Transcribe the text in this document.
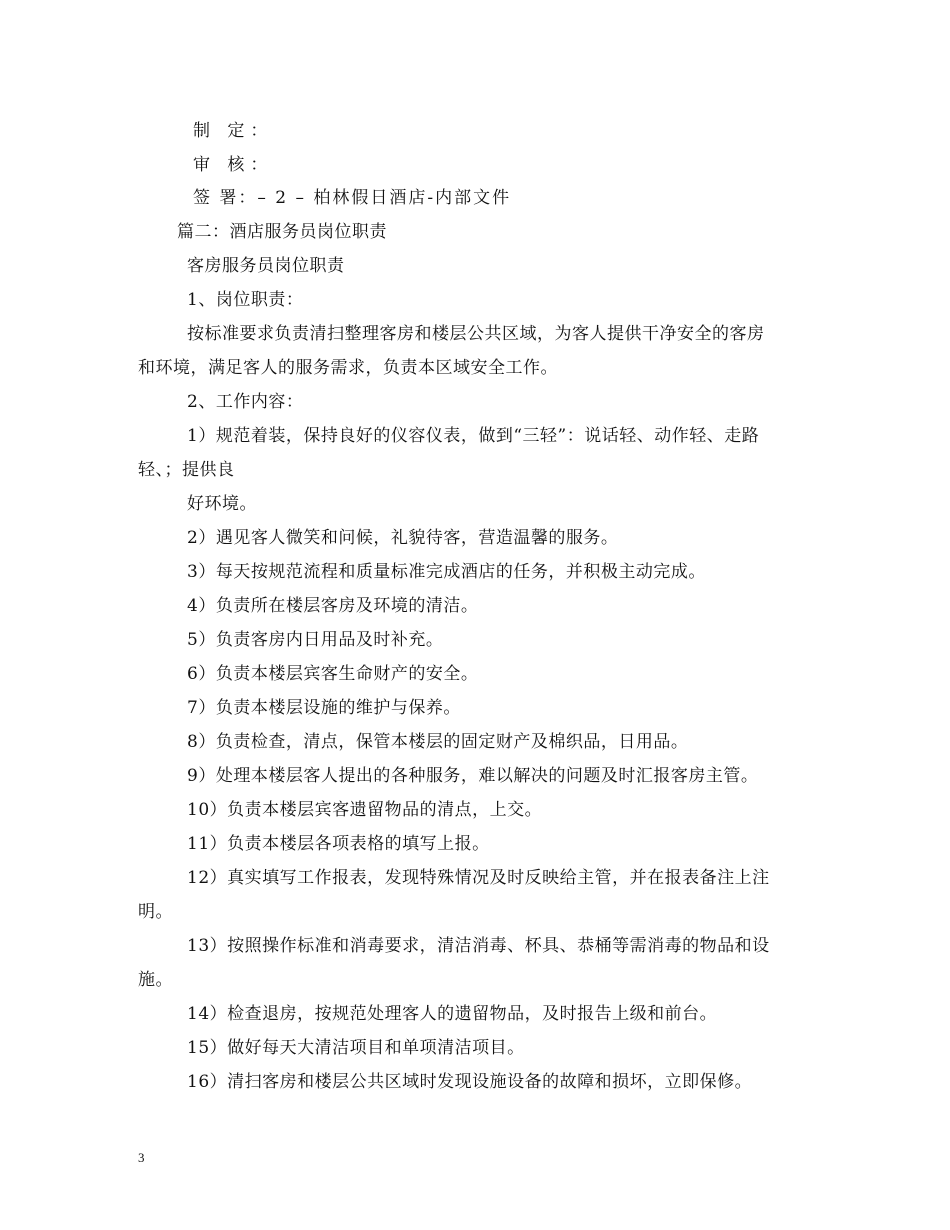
制 定：
审 核：
签 署：– 2 – 柏林假日酒店-内部文件
篇二：酒店服务员岗位职责
客房服务员岗位职责
1、岗位职责：
按标准要求负责清扫整理客房和楼层公共区域，为客人提供干净安全的客房
和环境，满足客人的服务需求，负责本区域安全工作。
2、工作内容：
1）规范着装，保持良好的仪容仪表，做到“三轻”：说话轻、动作轻、走路
轻、；提供良
好环境。
2）遇见客人微笑和问候，礼貌待客，营造温馨的服务。
3）每天按规范流程和质量标准完成酒店的任务，并积极主动完成。
4）负责所在楼层客房及环境的清洁。
5）负责客房内日用品及时补充。
6）负责本楼层宾客生命财产的安全。
7）负责本楼层设施的维护与保养。
8）负责检查，清点，保管本楼层的固定财产及棉织品，日用品。
9）处理本楼层客人提出的各种服务，难以解决的问题及时汇报客房主管。
10）负责本楼层宾客遗留物品的清点，上交。
11）负责本楼层各项表格的填写上报。
12）真实填写工作报表，发现特殊情况及时反映给主管，并在报表备注上注
明。
13）按照操作标准和消毒要求，清洁消毒、杯具、恭桶等需消毒的物品和设
施。
14）检查退房，按规范处理客人的遗留物品，及时报告上级和前台。
15）做好每天大清洁项目和单项清洁项目。
16）清扫客房和楼层公共区域时发现设施设备的故障和损坏，立即保修。
3
